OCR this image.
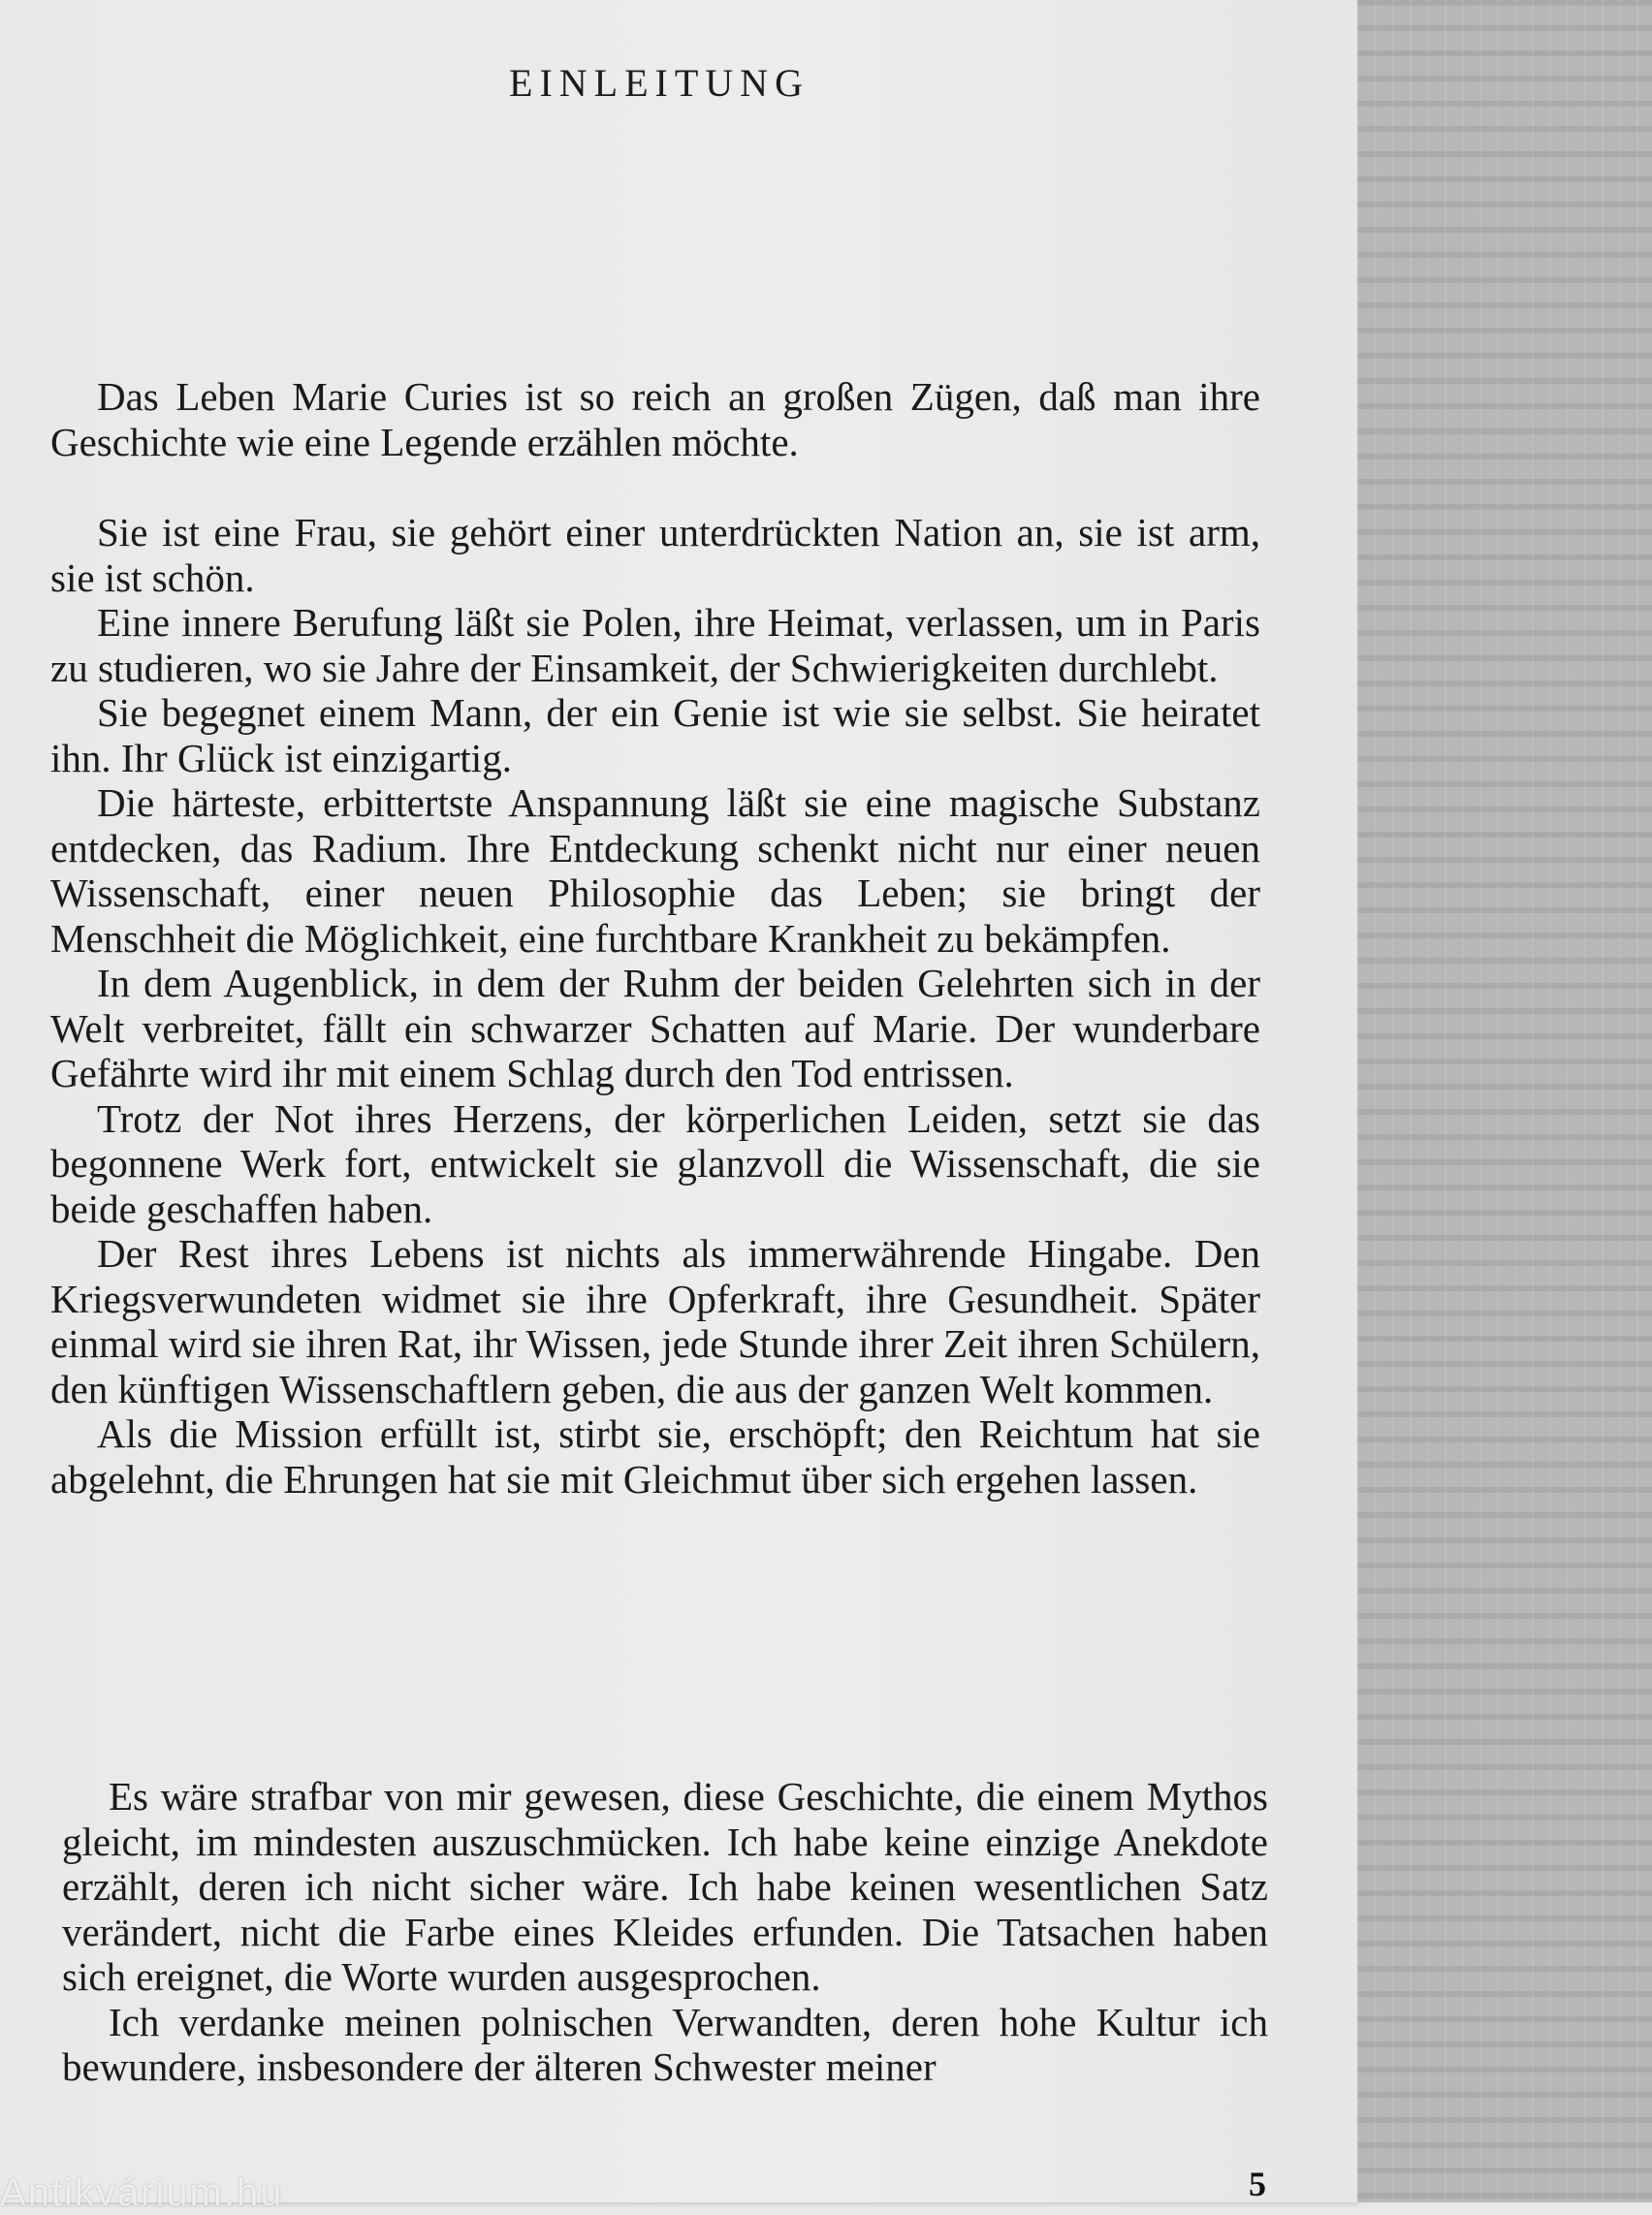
EINLEITUNG

Das Leben Marie Curies ist so reich an großen Zügen, daß man ihre Geschichte wie eine Legende erzählen möchte.

Sie ist eine Frau, sie gehört einer unterdrückten Nation an, sie ist arm, sie ist schön.

Eine innere Berufung läßt sie Polen, ihre Heimat, verlassen, um in Paris zu studieren, wo sie Jahre der Einsamkeit, der Schwierigkeiten durchlebt.

Sie begegnet einem Mann, der ein Genie ist wie sie selbst. Sie heiratet ihn. Ihr Glück ist einzigartig.

Die härteste, erbittertste Anspannung läßt sie eine magische Substanz entdecken, das Radium. Ihre Entdeckung schenkt nicht nur einer neuen Wissenschaft, einer neuen Philosophie das Leben; sie bringt der Menschheit die Möglichkeit, eine furchtbare Krankheit zu bekämpfen.

In dem Augenblick, in dem der Ruhm der beiden Gelehrten sich in der Welt verbreitet, fällt ein schwarzer Schatten auf Marie. Der wunderbare Gefährte wird ihr mit einem Schlag durch den Tod entrissen.

Trotz der Not ihres Herzens, der körperlichen Leiden, setzt sie das begonnene Werk fort, entwickelt sie glanzvoll die Wissenschaft, die sie beide geschaffen haben.

Der Rest ihres Lebens ist nichts als immerwährende Hingabe. Den Kriegsverwundeten widmet sie ihre Opferkraft, ihre Gesundheit. Später einmal wird sie ihren Rat, ihr Wissen, jede Stunde ihrer Zeit ihren Schülern, den künftigen Wissenschaftlern geben, die aus der ganzen Welt kommen.

Als die Mission erfüllt ist, stirbt sie, erschöpft; den Reichtum hat sie abgelehnt, die Ehrungen hat sie mit Gleichmut über sich ergehen lassen.

Es wäre strafbar von mir gewesen, diese Geschichte, die einem Mythos gleicht, im mindesten auszuschmücken. Ich habe keine einzige Anekdote erzählt, deren ich nicht sicher wäre. Ich habe keinen wesentlichen Satz verändert, nicht die Farbe eines Kleides erfunden. Die Tatsachen haben sich ereignet, die Worte wurden ausgesprochen.

Ich verdanke meinen polnischen Verwandten, deren hohe Kultur ich bewundere, insbesondere der älteren Schwester meiner

5
Antikvárium.hu
